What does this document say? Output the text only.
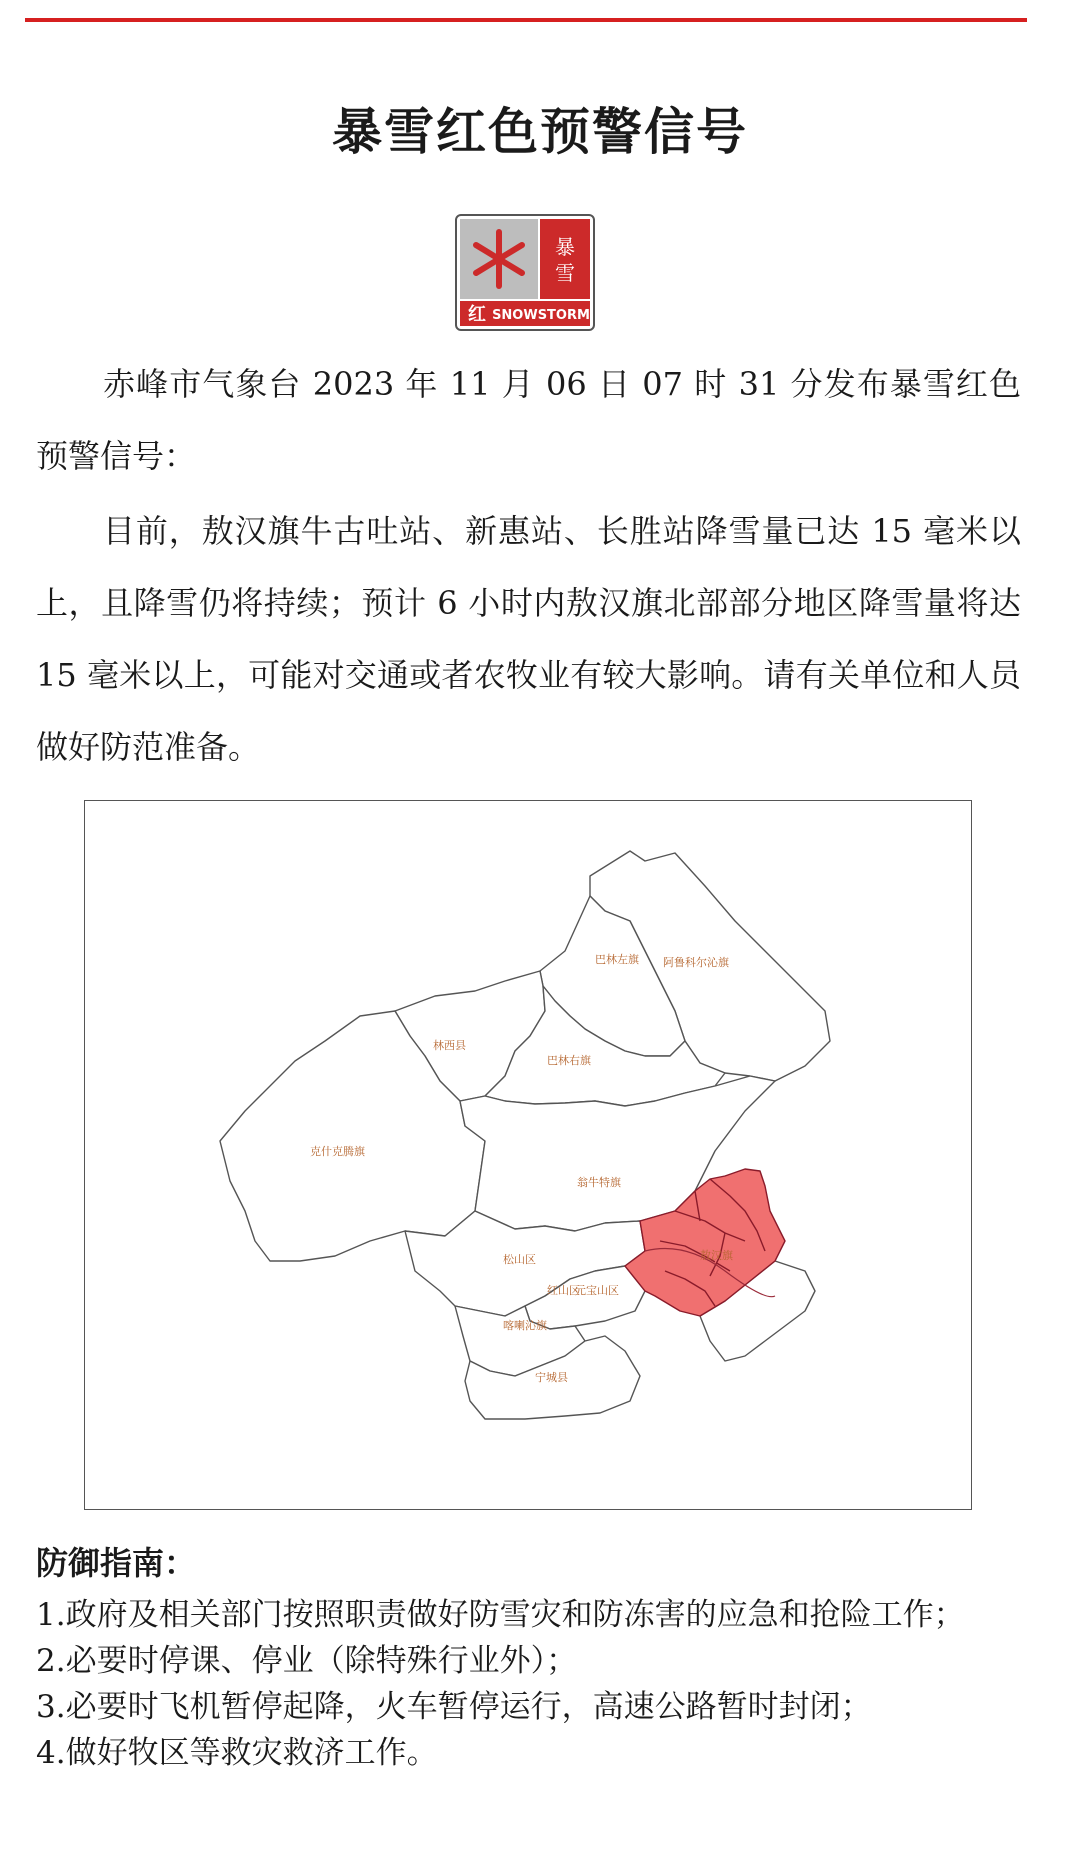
暴雪红色预警信号
暴
雪
红 SNOWSTORM
赤峰市气象台 2023 年 11 月 06 日 07 时 31 分发布暴雪红色预警信号：
目前，敖汉旗牛古吐站、新惠站、长胜站降雪量已达 15 毫米以上，且降雪仍将持续；预计 6 小时内敖汉旗北部部分地区降雪量将达 15 毫米以上，可能对交通或者农牧业有较大影响。请有关单位和人员做好防范准备。
巴林左旗 阿鲁科尔沁旗
林西县
巴林右旗
克什克腾旗
翁牛特旗
松山区	敖汉旗
红山区
元宝山区
喀喇沁旗
宁城县
防御指南：
1.政府及相关部门按照职责做好防雪灾和防冻害的应急和抢险工作；
2.必要时停课、停业（除特殊行业外）；
3.必要时飞机暂停起降，火车暂停运行，高速公路暂时封闭；
4.做好牧区等救灾救济工作。
